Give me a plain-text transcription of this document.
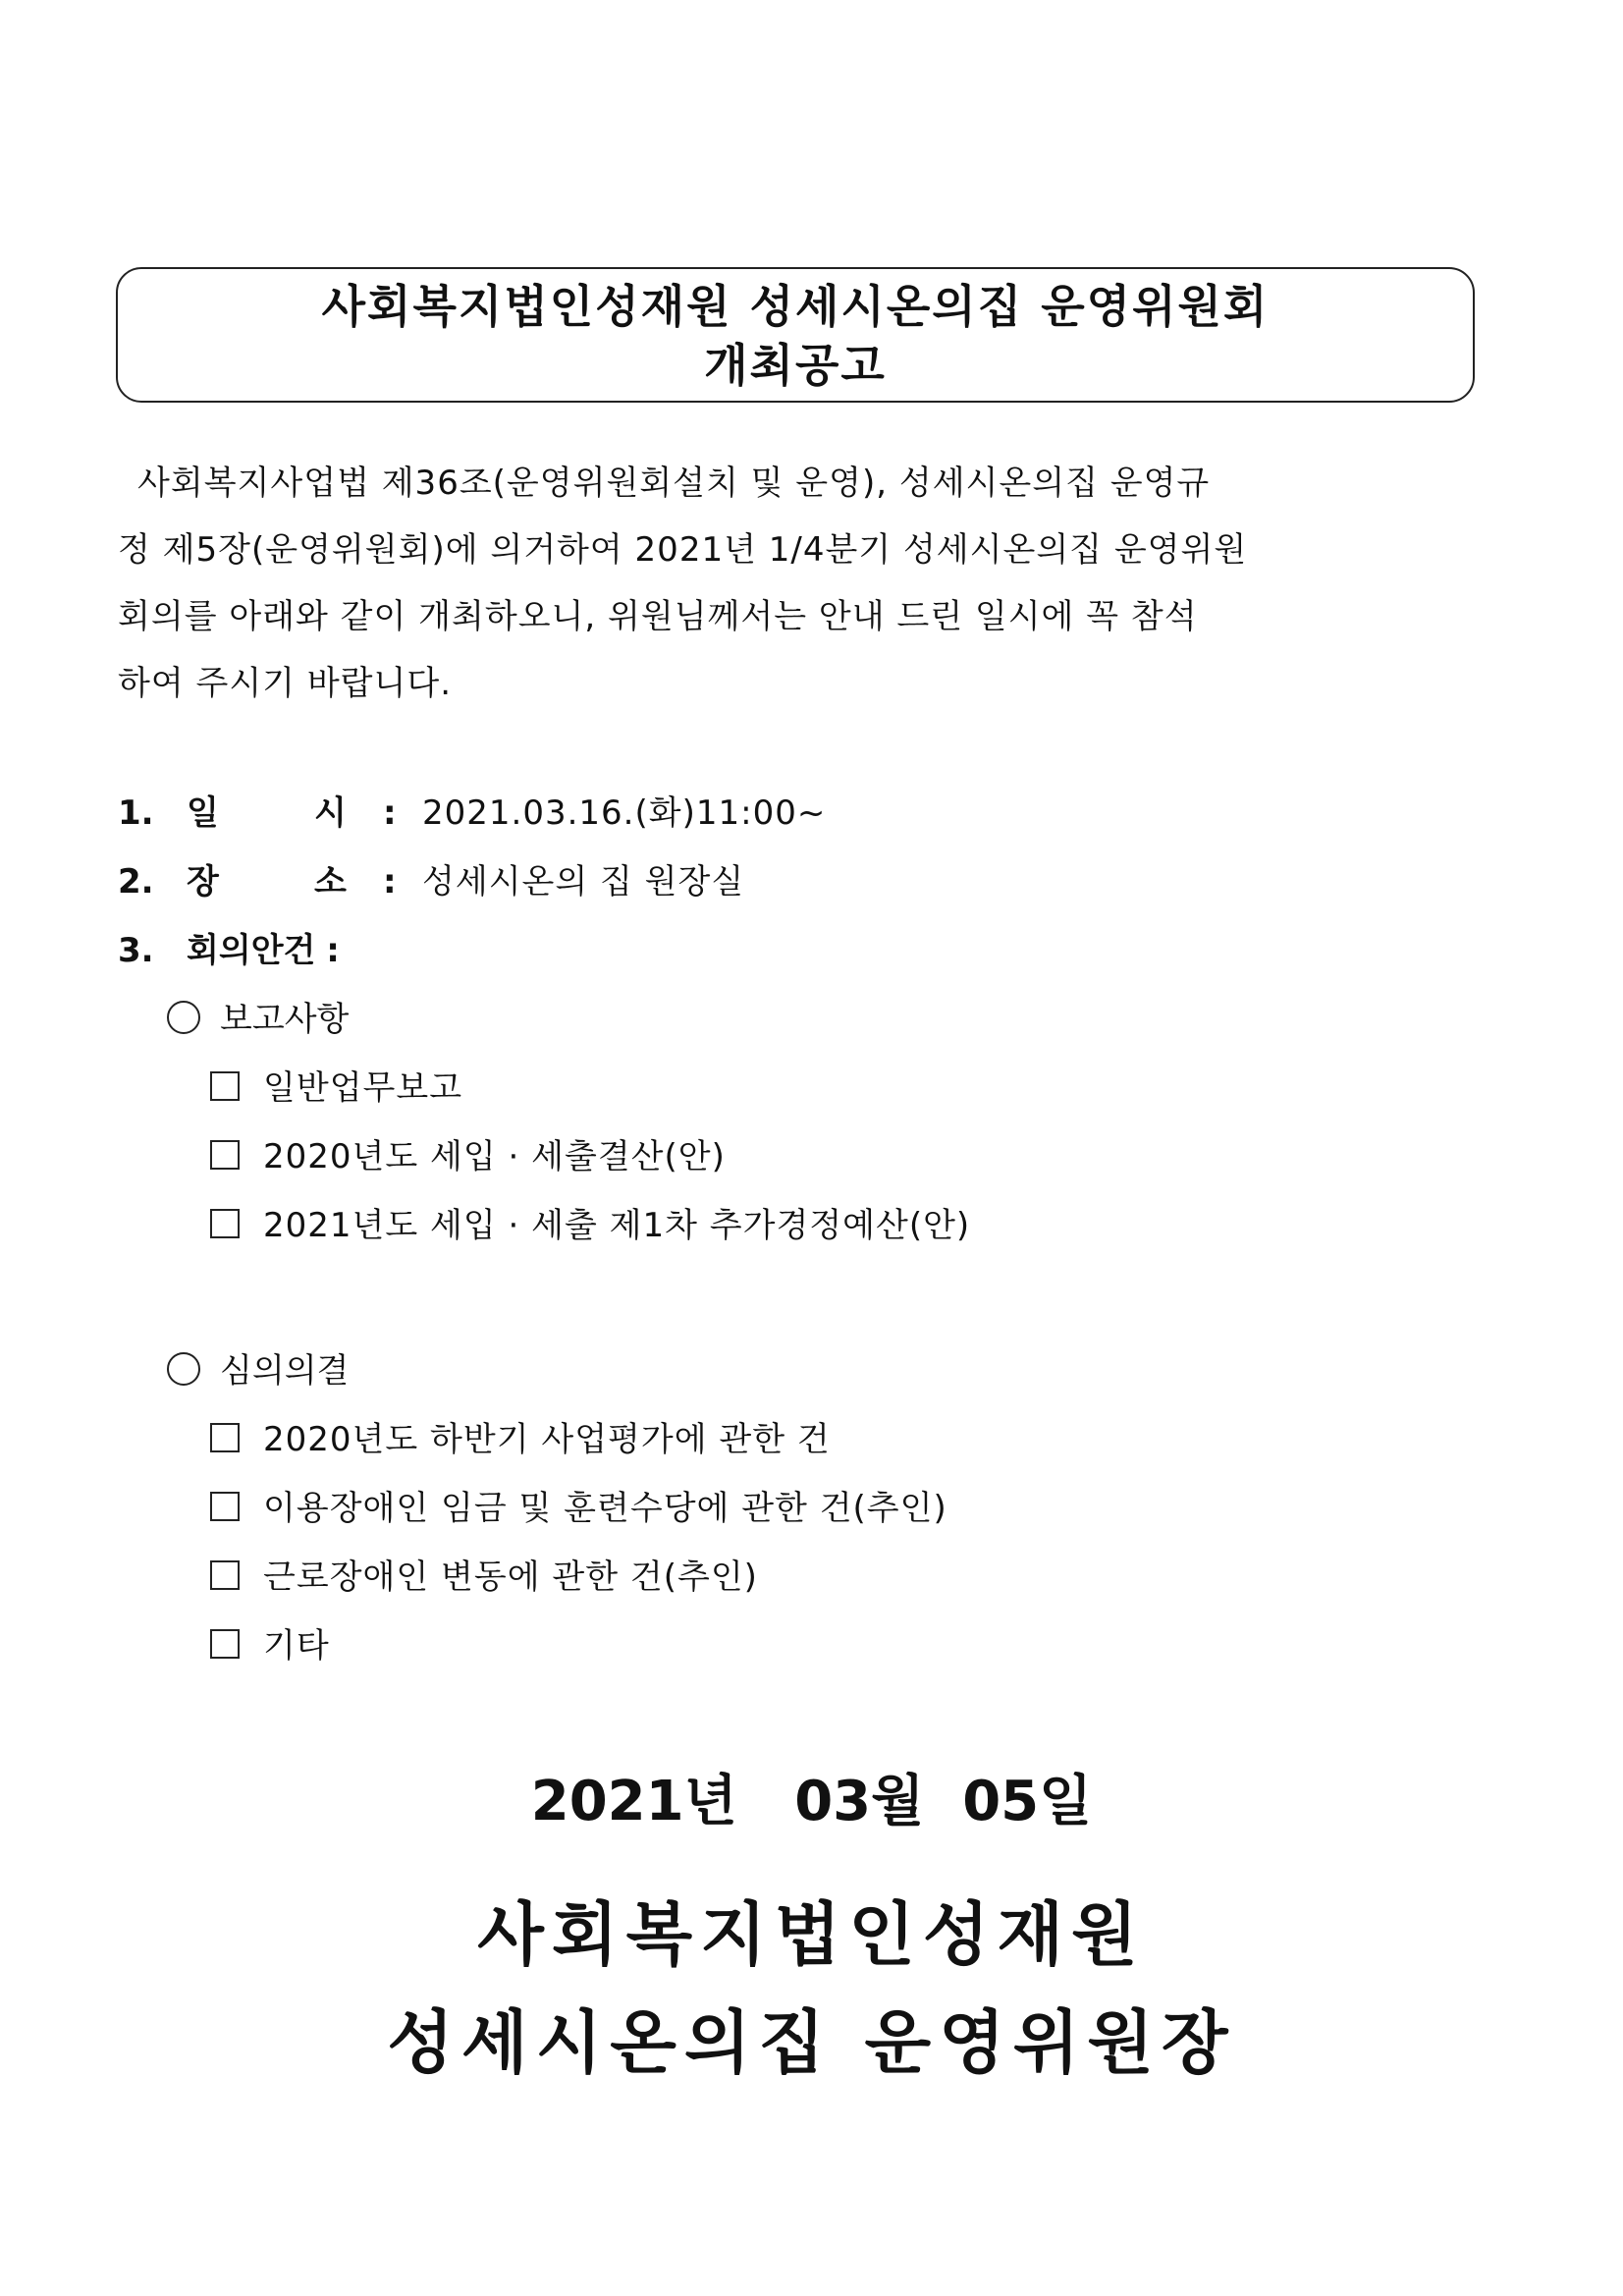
사회복지법인성재원 성세시온의집 운영위원회
개최공고
사회복지사업법 제36조(운영위원회설치 및 운영), 성세시온의집 운영규
정 제5장(운영위원회)에 의거하여 2021년 1/4분기 성세시온의집 운영위원
회의를 아래와 같이 개최하오니, 위원님께서는 안내 드린 일시에 꼭 참석
하여 주시기 바랍니다.
1. 일	시 : 2021.03.16.(화)11:00~
2. 장	소 : 성세시온의 집 원장실
3. 회의안건 :
보고사항
일반업무보고
2020년도 세입 · 세출결산(안)
2021년도 세입 · 세출 제1차 추가경정예산(안)
심의의결
2020년도 하반기 사업평가에 관한 건
이용장애인 임금 및 훈련수당에 관한 건(추인)
근로장애인 변동에 관한 건(추인)
기타
2021년   03월  05일
사회복지법인성재원
성세시온의집 운영위원장
